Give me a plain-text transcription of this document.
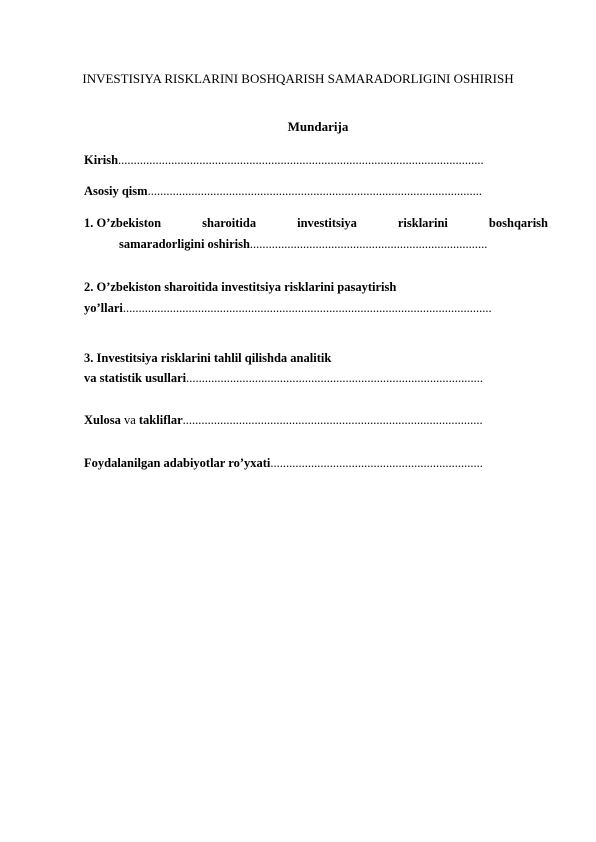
INVESTISIYA RISKLARINI BOSHQARISH SAMARADORLIGINI OSHIRISH
Mundarija
Kirish.....................................................................................................................
Asosiy qism...........................................................................................................
1. O’zbekiston	sharoitida	investitsiya	risklarini	boshqarish
samaradorligini oshirish............................................................................
2. O’zbekiston sharoitida investitsiya risklarini pasaytirish
yo’llari......................................................................................................................
3. Investitsiya risklarini tahlil qilishda analitik
va statistik usullari...............................................................................................
Xulosa va takliflar................................................................................................
Foydalanilgan adabiyotlar ro’yxati....................................................................
